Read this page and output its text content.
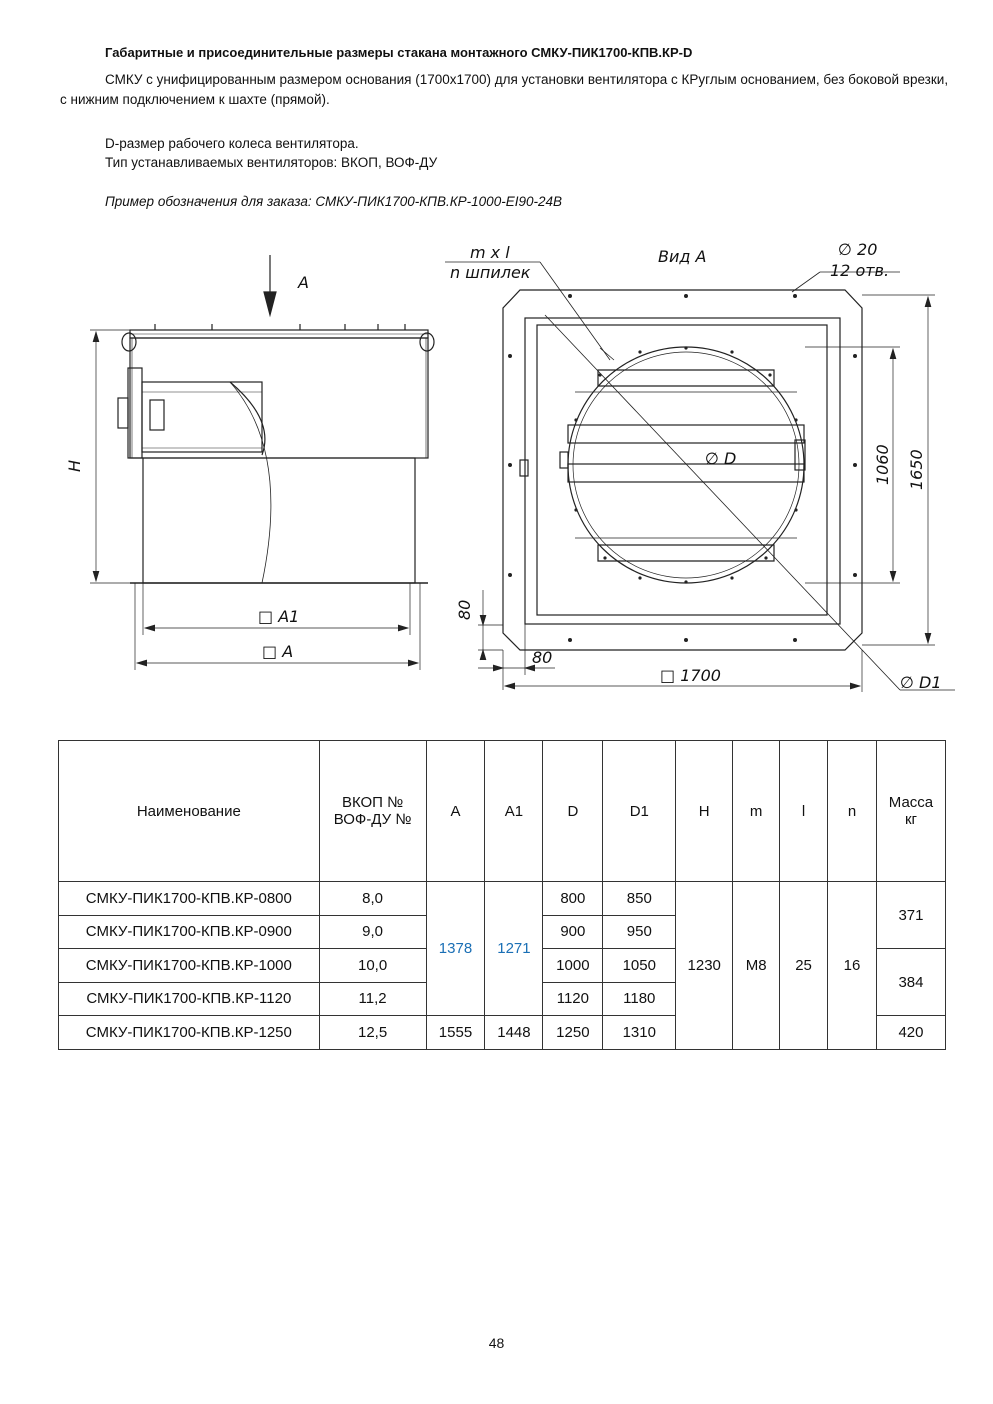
Габаритные и присоединительные размеры стакана монтажного СМКУ-ПИК1700-КПВ.КР-D
СМКУ с унифицированным размером основания (1700х1700) для установки вентилятора с КРуглым основанием, без боковой врезки, с нижним подключением к шахте (прямой).
D-размер рабочего колеса вентилятора.
Тип устанавливаемых вентиляторов: ВКОП, ВОФ-ДУ
Пример обозначения для заказа: СМКУ-ПИК1700-КПВ.КР-1000-EI90-24В
А
Н
□ А1
□ А
Вид А
m x l
n шпилек
∅ 20
12 отв.
80
80
□ 1700
1060 1650
∅ D
∅ D1
Наименование	ВКОП №
ВОФ-ДУ №	А	А1	D	D1	H	m	l	n	Масса
кг
СМКУ-ПИК1700-КПВ.КР-0800	8,0	1378	1271	800	850	1230	М8	25	16	371
СМКУ-ПИК1700-КПВ.КР-0900	9,0			900	950					
СМКУ-ПИК1700-КПВ.КР-1000	10,0			1000	1050					384
СМКУ-ПИК1700-КПВ.КР-1120	11,2			1120	1180					
СМКУ-ПИК1700-КПВ.КР-1250	12,5	1555	1448	1250	1310					420
48
